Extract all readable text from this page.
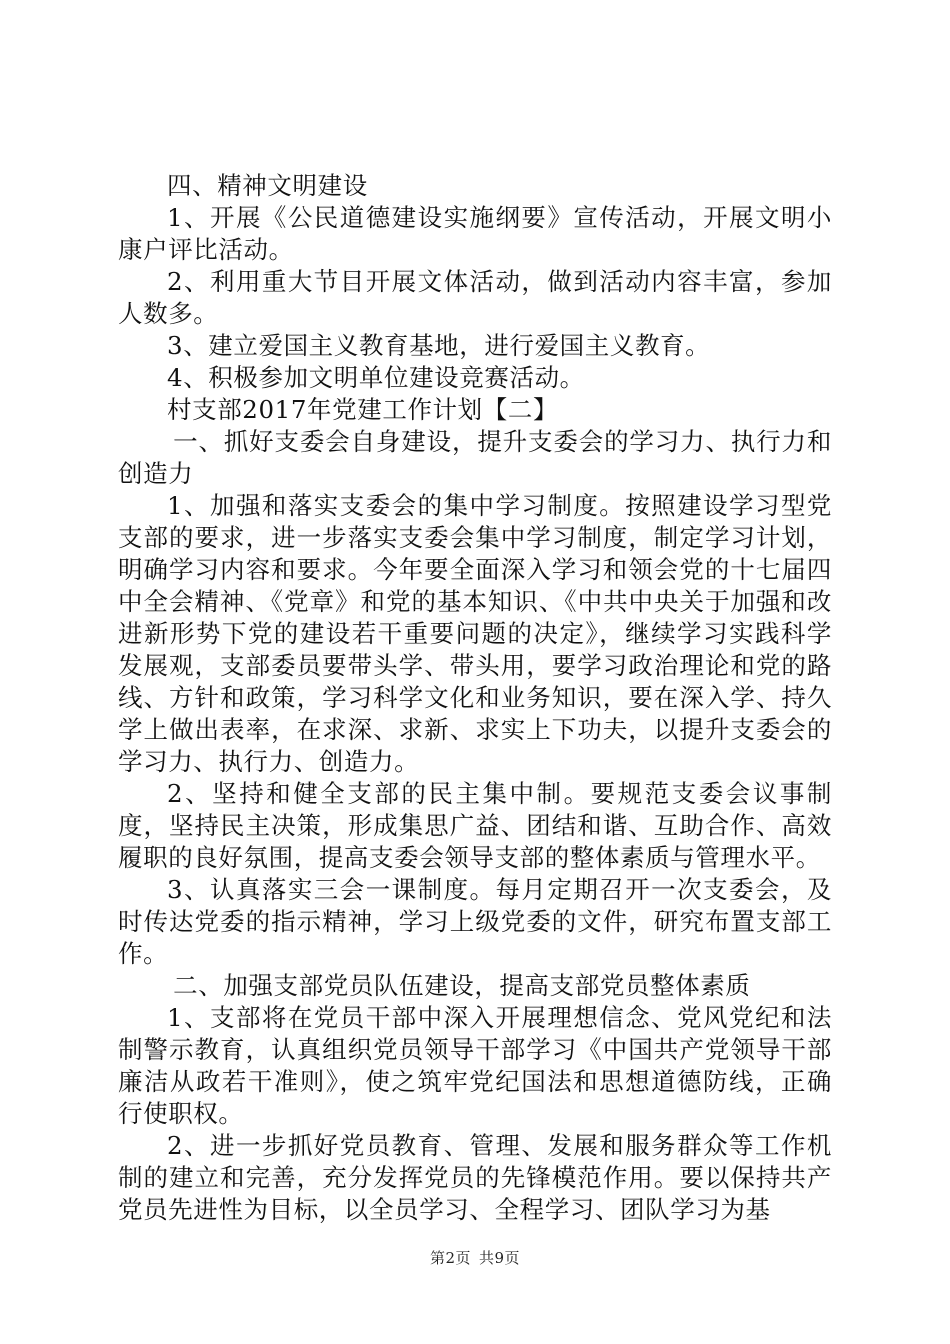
四、精神文明建设

1、开展《公民道德建设实施纲要》宣传活动，开展文明小康户评比活动。

2、利用重大节目开展文体活动，做到活动内容丰富，参加人数多。

3、建立爱国主义教育基地，进行爱国主义教育。

4、积极参加文明单位建设竞赛活动。

村支部2017年党建工作计划【二】

一、抓好支委会自身建设，提升支委会的学习力、执行力和创造力

1、加强和落实支委会的集中学习制度。按照建设学习型党支部的要求，进一步落实支委会集中学习制度，制定学习计划，明确学习内容和要求。今年要全面深入学习和领会党的十七届四中全会精神、《党章》和党的基本知识、《中共中央关于加强和改进新形势下党的建设若干重要问题的决定》，继续学习实践科学发展观，支部委员要带头学、带头用，要学习政治理论和党的路线、方针和政策，学习科学文化和业务知识，要在深入学、持久学上做出表率，在求深、求新、求实上下功夫，以提升支委会的学习力、执行力、创造力。

2、坚持和健全支部的民主集中制。要规范支委会议事制度，坚持民主决策，形成集思广益、团结和谐、互助合作、高效履职的良好氛围，提高支委会领导支部的整体素质与管理水平。

3、认真落实三会一课制度。每月定期召开一次支委会，及时传达党委的指示精神，学习上级党委的文件，研究布置支部工作。

二、加强支部党员队伍建设，提高支部党员整体素质

1、支部将在党员干部中深入开展理想信念、党风党纪和法制警示教育，认真组织党员领导干部学习《中国共产党领导干部廉洁从政若干准则》，使之筑牢党纪国法和思想道德防线，正确行使职权。

2、进一步抓好党员教育、管理、发展和服务群众等工作机制的建立和完善，充分发挥党员的先锋模范作用。要以保持共产党员先进性为目标，以全员学习、全程学习、团队学习为基

第2页 共9页
